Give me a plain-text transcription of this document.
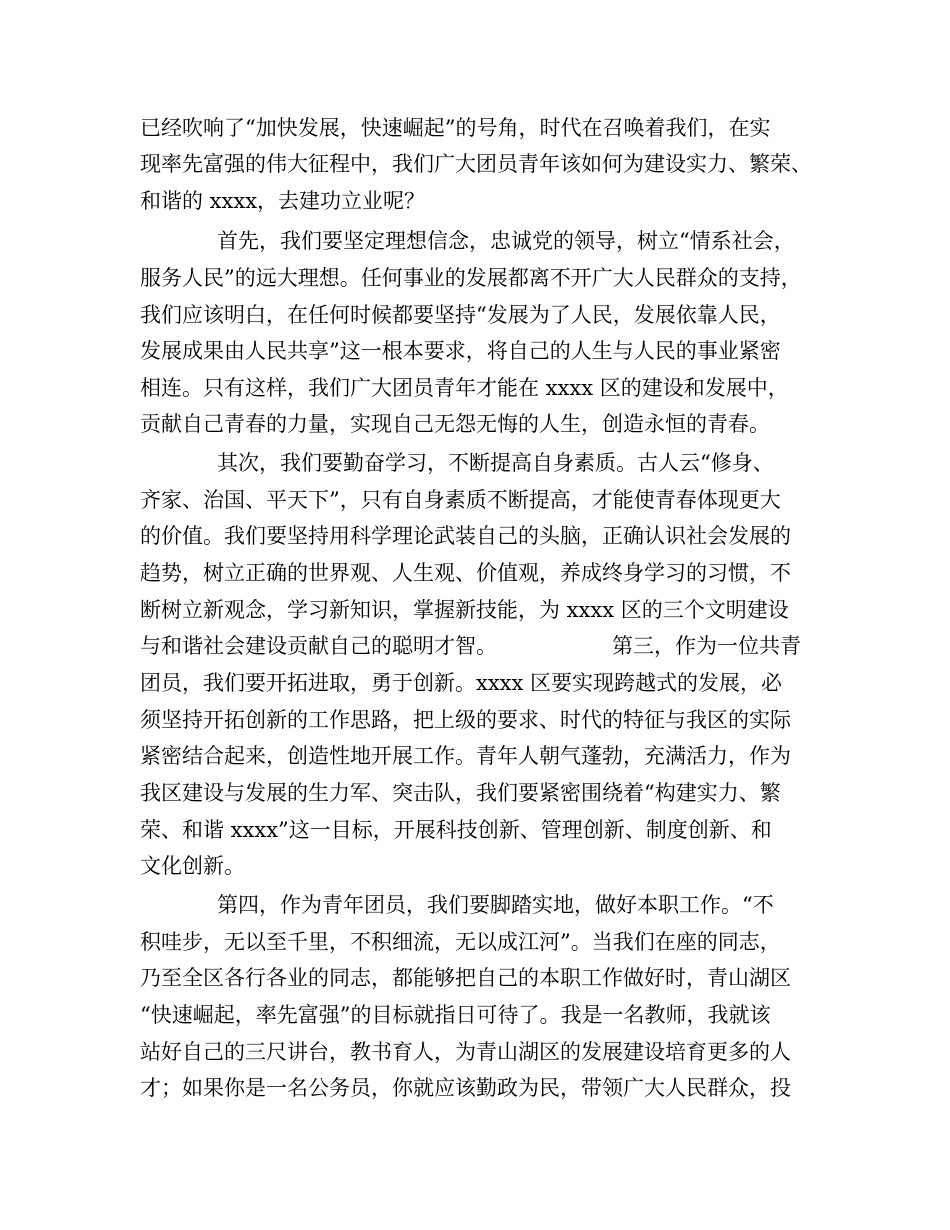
已经吹响了“加快发展，快速崛起”的号角，时代在召唤着我们，在实
现率先富强的伟大征程中，我们广大团员青年该如何为建设实力、繁荣、
和谐的 xxxx，去建功立业呢？
首先，我们要坚定理想信念，忠诚党的领导，树立“情系社会，
服务人民”的远大理想。任何事业的发展都离不开广大人民群众的支持，
我们应该明白，在任何时候都要坚持“发展为了人民，发展依靠人民，
发展成果由人民共享”这一根本要求，将自己的人生与人民的事业紧密
相连。只有这样，我们广大团员青年才能在 xxxx 区的建设和发展中，
贡献自己青春的力量，实现自己无怨无悔的人生，创造永恒的青春。
其次，我们要勤奋学习，不断提高自身素质。古人云“修身、
齐家、治国、平天下”，只有自身素质不断提高，才能使青春体现更大
的价值。我们要坚持用科学理论武装自己的头脑，正确认识社会发展的
趋势，树立正确的世界观、人生观、价值观，养成终身学习的习惯，不
断树立新观念，学习新知识，掌握新技能，为 xxxx 区的三个文明建设
与和谐社会建设贡献自己的聪明才智。	第三，作为一位共青
团员，我们要开拓进取，勇于创新。xxxx 区要实现跨越式的发展，必
须坚持开拓创新的工作思路，把上级的要求、时代的特征与我区的实际
紧密结合起来，创造性地开展工作。青年人朝气蓬勃，充满活力，作为
我区建设与发展的生力军、突击队，我们要紧密围绕着“构建实力、繁
荣、和谐 xxxx”这一目标，开展科技创新、管理创新、制度创新、和
文化创新。
第四，作为青年团员，我们要脚踏实地，做好本职工作。“不
积哇步，无以至千里，不积细流，无以成江河”。当我们在座的同志，
乃至全区各行各业的同志，都能够把自己的本职工作做好时，青山湖区
“快速崛起，率先富强”的目标就指日可待了。我是一名教师，我就该
站好自己的三尺讲台，教书育人，为青山湖区的发展建设培育更多的人
才；如果你是一名公务员，你就应该勤政为民，带领广大人民群众，投
